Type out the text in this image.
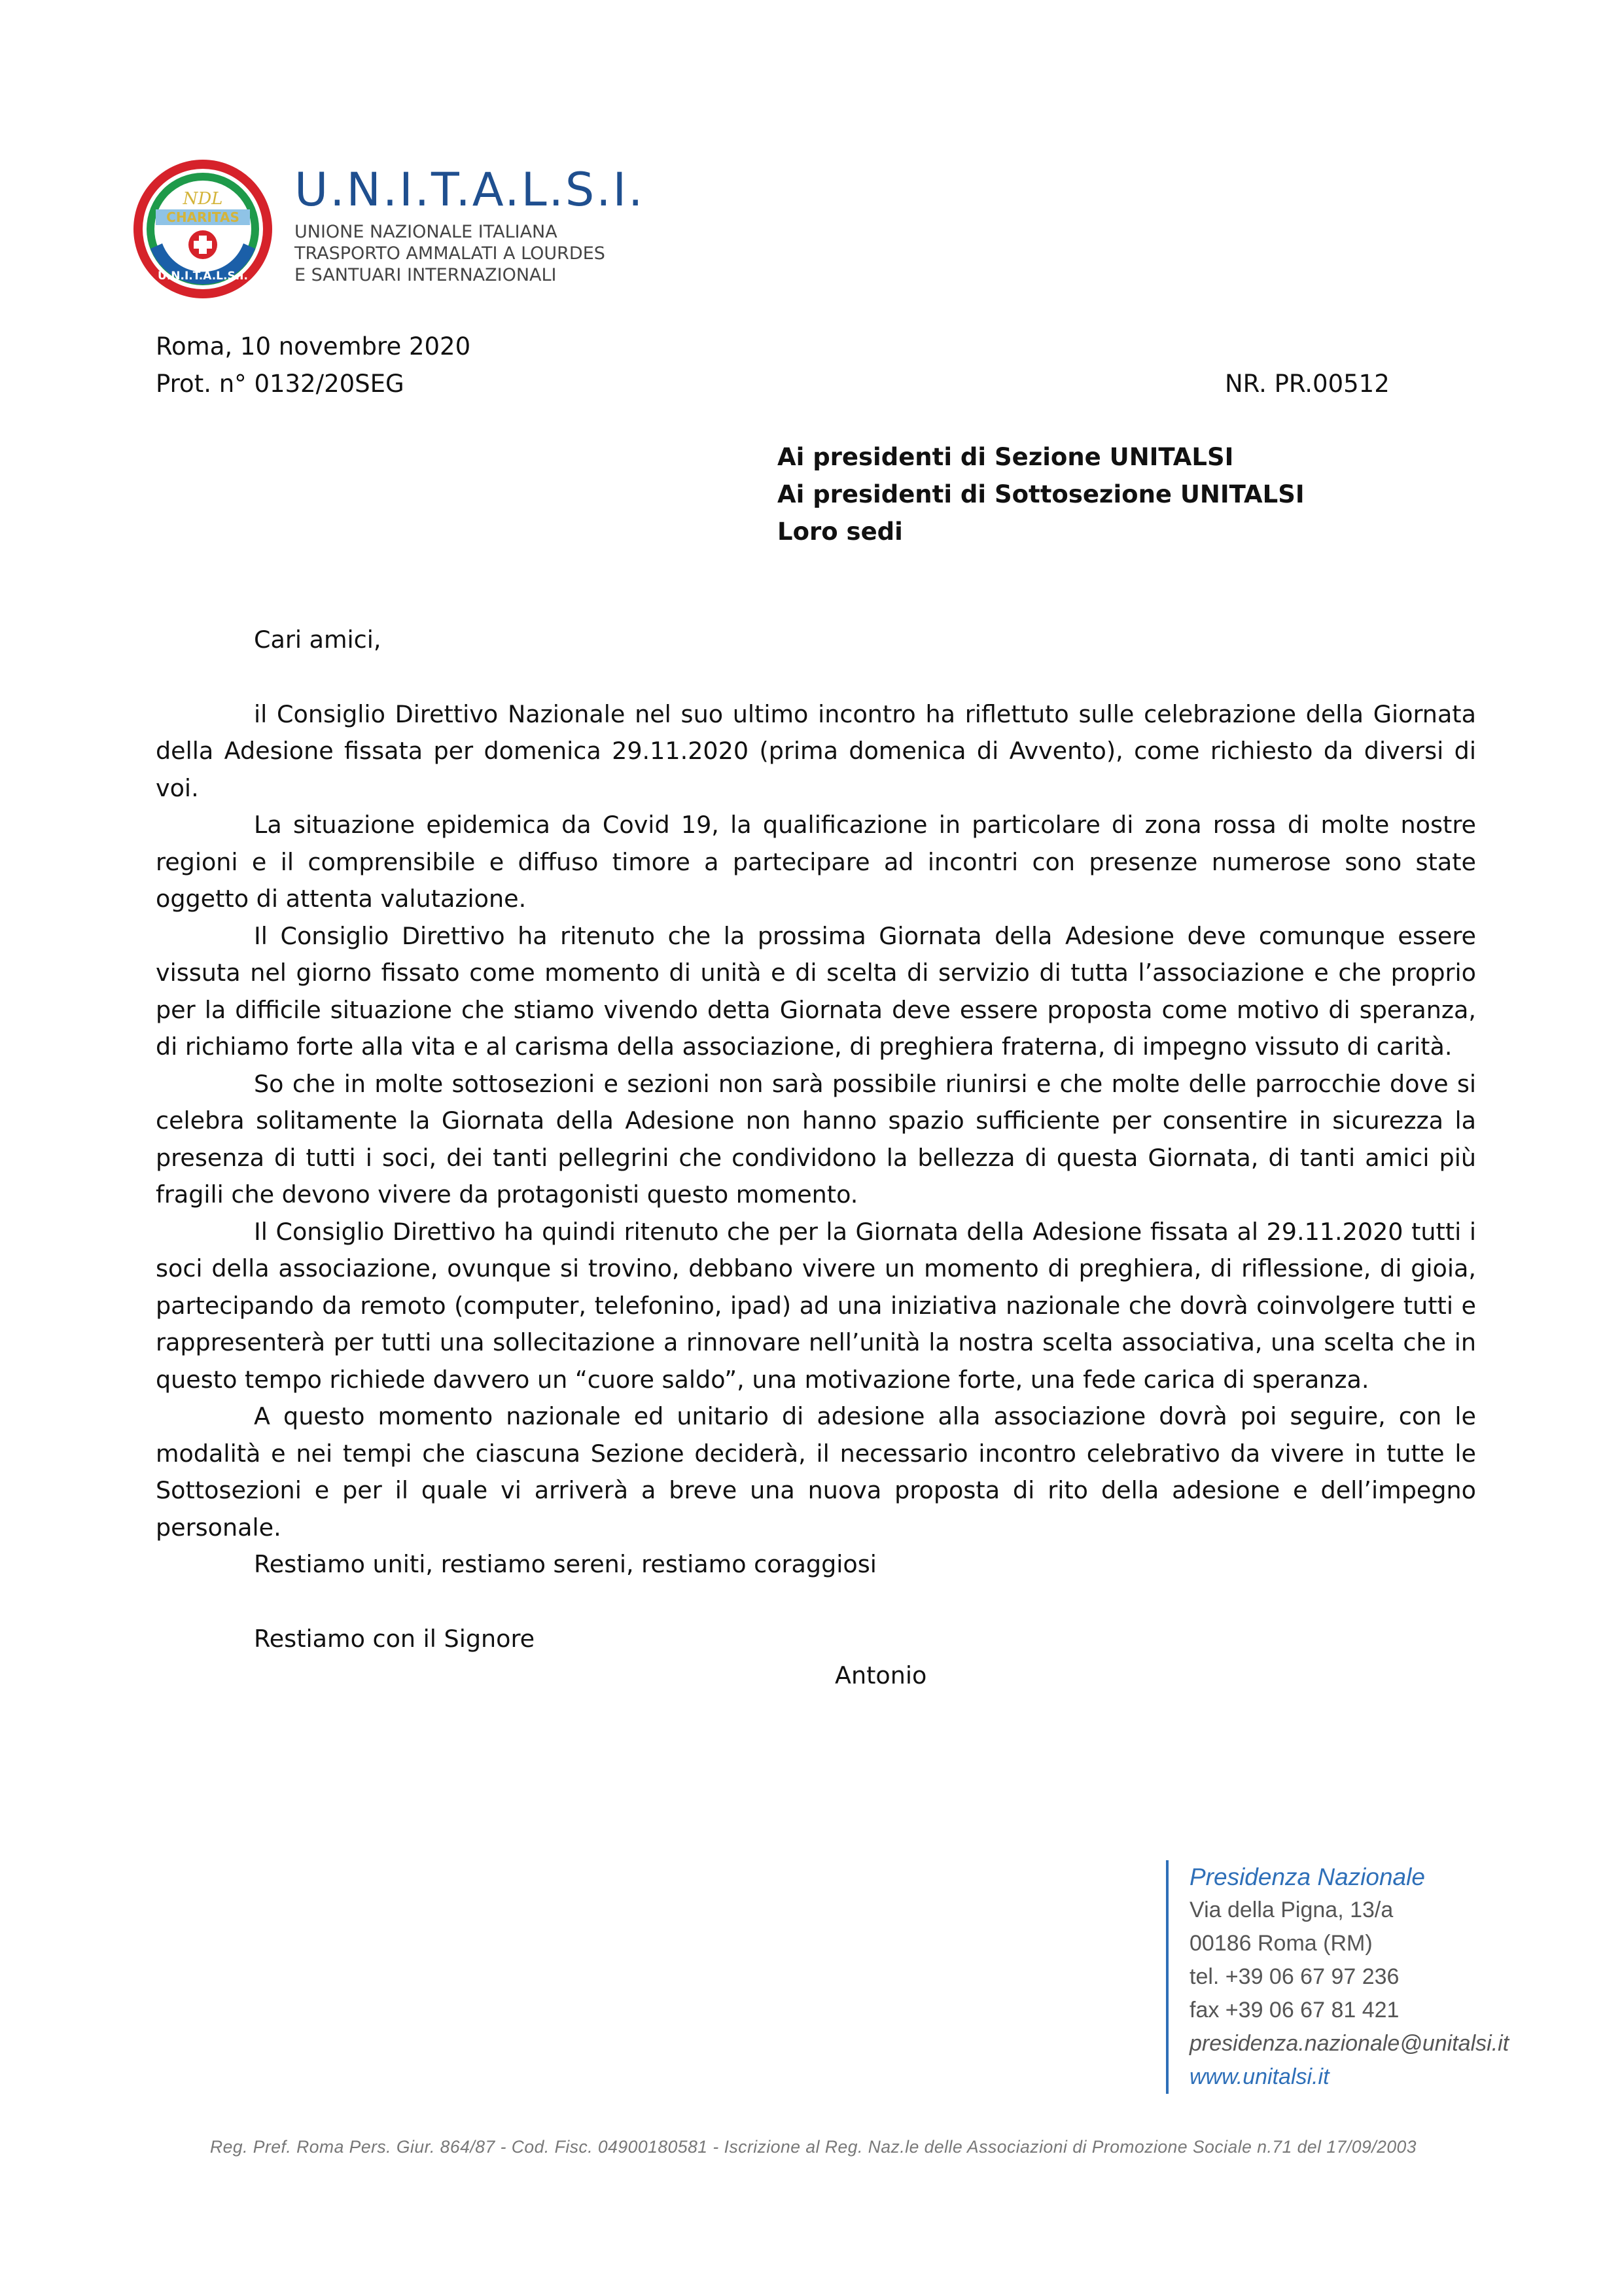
U.N.I.T.A.L.S.I.
CHARITAS
NDL U.N.I.T.A.L.S.I.
UNIONE NAZIONALE ITALIANA
TRASPORTO AMMALATI A LOURDES
E SANTUARI INTERNAZIONALI
Roma, 10 novembre 2020
Prot. n° 0132/20SEG	NR. PR.00512
Ai presidenti di Sezione UNITALSI
Ai presidenti di Sottosezione UNITALSI
Loro sedi
Cari amici,

il Consiglio Direttivo Nazionale nel suo ultimo incontro ha riflettuto sulle celebrazione della Giornata della Adesione fissata per domenica 29.11.2020 (prima domenica di Avvento), come richiesto da diversi di voi.

La situazione epidemica da Covid 19, la qualificazione in particolare di zona rossa di molte nostre regioni e il comprensibile e diffuso timore a partecipare ad incontri con presenze numerose sono state oggetto di attenta valutazione.

Il Consiglio Direttivo ha ritenuto che la prossima Giornata della Adesione deve comunque essere vissuta nel giorno fissato come momento di unità e di scelta di servizio di tutta l’associazione e che proprio per la difficile situazione che stiamo vivendo detta Giornata deve essere proposta come motivo di speranza, di richiamo forte alla vita e al carisma della associazione, di preghiera fraterna, di impegno vissuto di carità.

So che in molte sottosezioni e sezioni non sarà possibile riunirsi e che molte delle parrocchie dove si celebra solitamente la Giornata della Adesione non hanno spazio sufficiente per consentire in sicurezza la presenza di tutti i soci, dei tanti pellegrini che condividono la bellezza di questa Giornata, di tanti amici più fragili che devono vivere da protagonisti questo momento.

Il Consiglio Direttivo ha quindi ritenuto che per la Giornata della Adesione fissata al 29.11.2020 tutti i soci della associazione, ovunque si trovino, debbano vivere un momento di preghiera, di riflessione, di gioia, partecipando da remoto (computer, telefonino, ipad) ad una iniziativa nazionale che dovrà coinvolgere tutti e rappresenterà per tutti una sollecitazione a rinnovare nell’unità la nostra scelta associativa, una scelta che in questo tempo richiede davvero un “cuore saldo”, una motivazione forte, una fede carica di speranza.

A questo momento nazionale ed unitario di adesione alla associazione dovrà poi seguire, con le modalità e nei tempi che ciascuna Sezione deciderà, il necessario incontro celebrativo da vivere in tutte le Sottosezioni e per il quale vi arriverà a breve una nuova proposta di rito della adesione e dell’impegno personale.

Restiamo uniti, restiamo sereni, restiamo coraggiosi
Restiamo con il Signore
Antonio
Presidenza Nazionale
Via della Pigna, 13/a
00186 Roma (RM)
tel. +39 06 67 97 236
fax +39 06 67 81 421
presidenza.nazionale@unitalsi.it
www.unitalsi.it
Reg. Pref. Roma Pers. Giur. 864/87 - Cod. Fisc. 04900180581 - Iscrizione al Reg. Naz.le delle Associazioni di Promozione Sociale n.71 del 17/09/2003
